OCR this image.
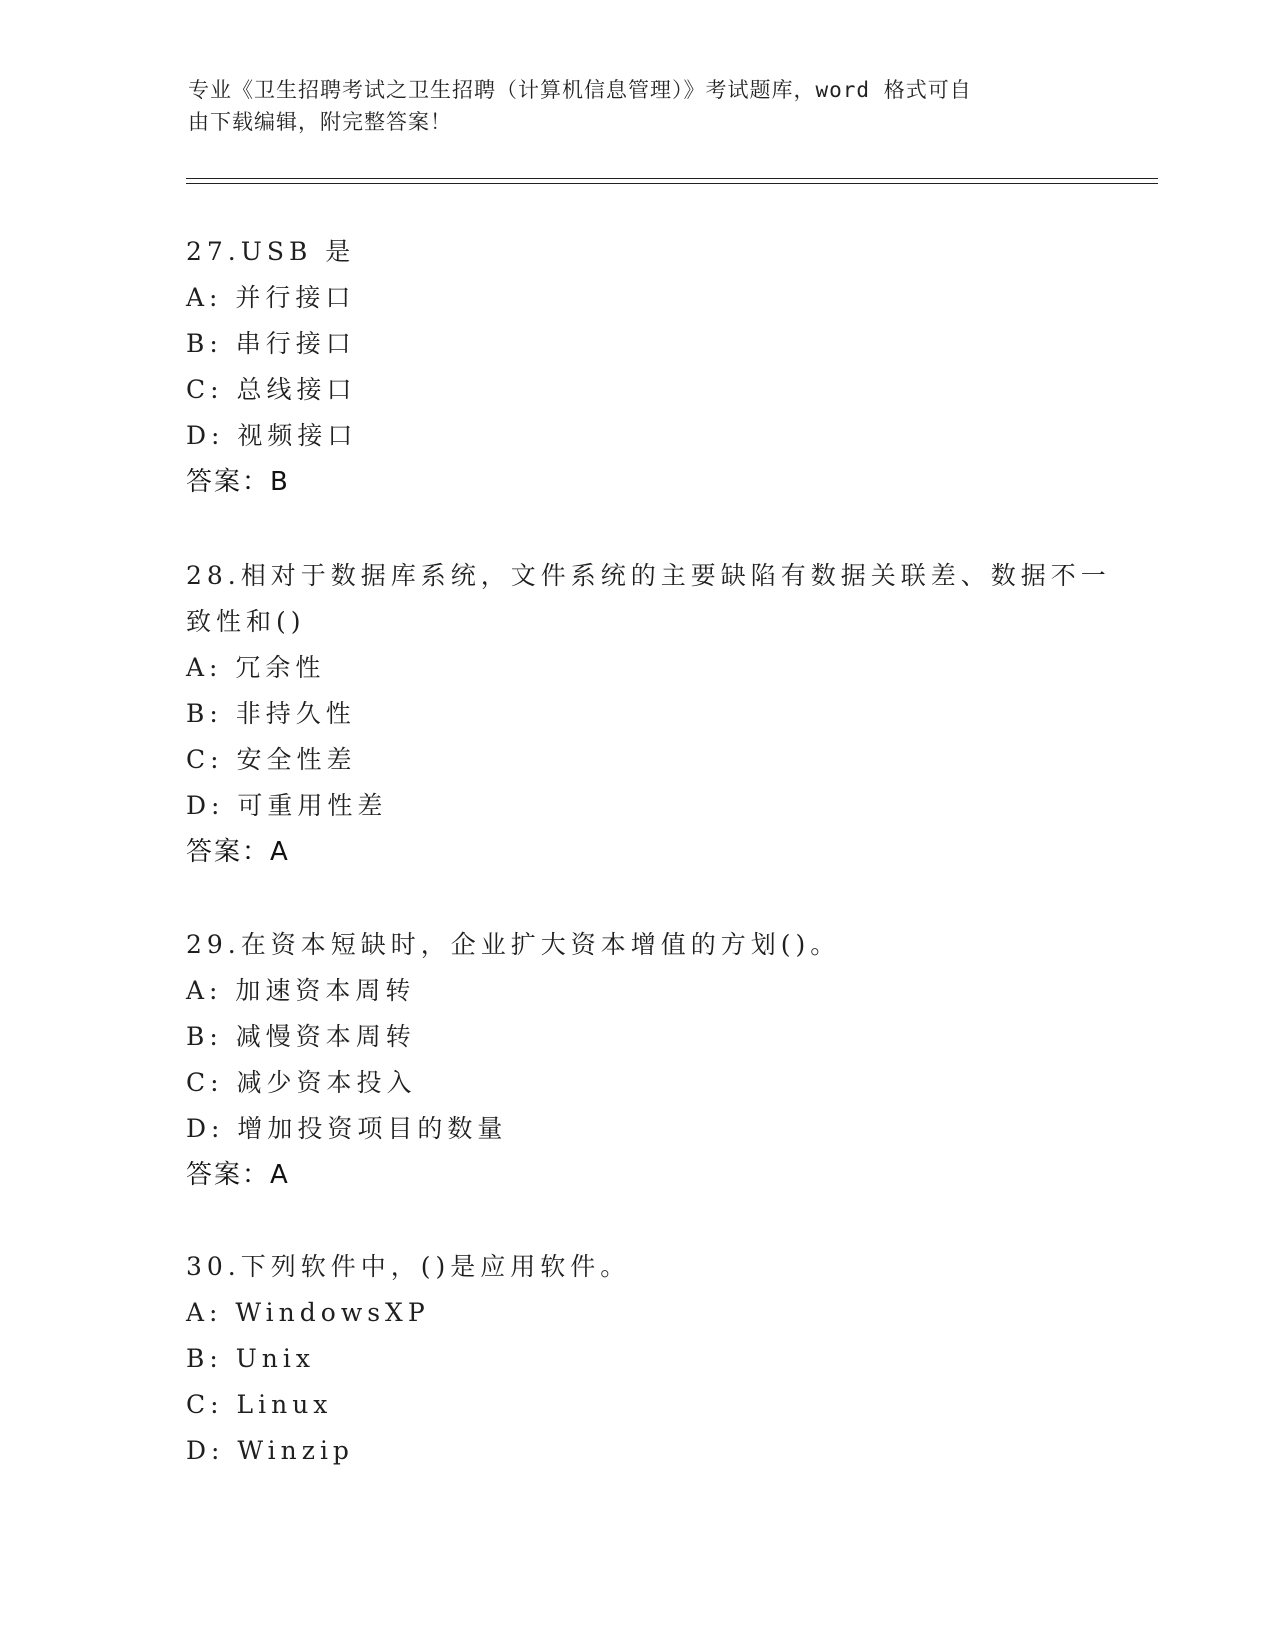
专业《卫生招聘考试之卫生招聘（计算机信息管理）》考试题库，word 格式可自
由下载编辑，附完整答案！
27.USB 是
A: 并行接口
B: 串行接口
C: 总线接口
D: 视频接口
答案：B
28.相对于数据库系统，文件系统的主要缺陷有数据关联差、数据不一
致性和()
A: 冗余性
B: 非持久性
C: 安全性差
D: 可重用性差
答案：A
29.在资本短缺时，企业扩大资本增值的方划()。
A: 加速资本周转
B: 减慢资本周转
C: 减少资本投入
D: 增加投资项目的数量
答案：A
30.下列软件中，()是应用软件。
A: WindowsXP
B: Unix
C: Linux
D: Winzip
